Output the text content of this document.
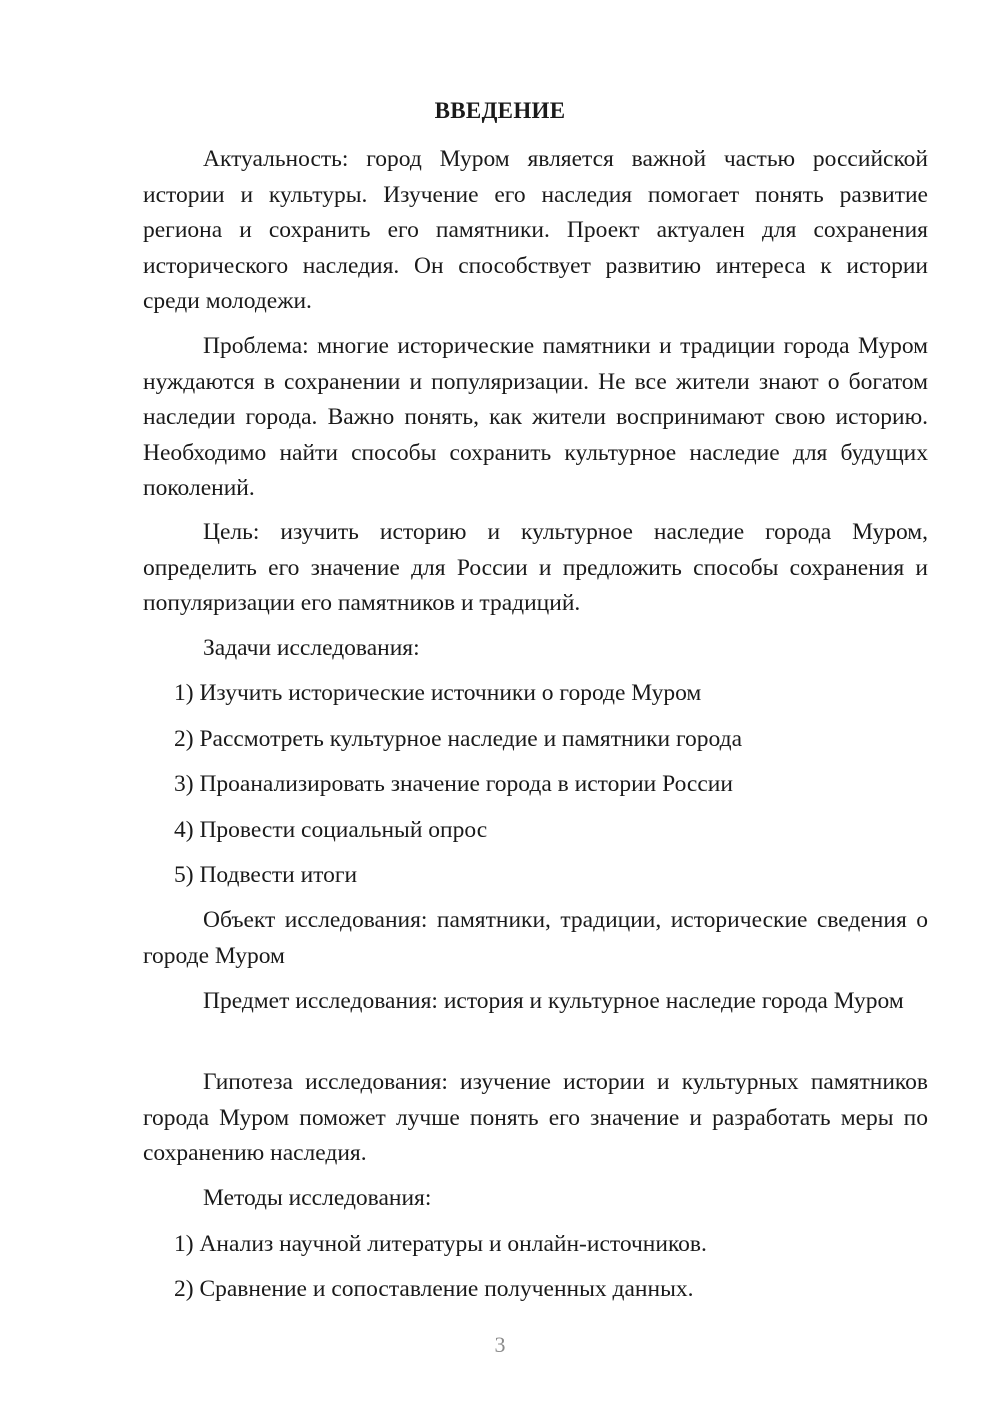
ВВЕДЕНИЕ

Актуальность: город Муром является важной частью российской истории и культуры. Изучение его наследия помогает понять развитие региона и сохранить его памятники. Проект актуален для сохранения исторического наследия. Он способствует развитию интереса к истории среди молодежи.

Проблема: многие исторические памятники и традиции города Муром нуждаются в сохранении и популяризации. Не все жители знают о богатом наследии города. Важно понять, как жители воспринимают свою историю. Необходимо найти способы сохранить культурное наследие для будущих поколений.

Цель: изучить историю и культурное наследие города Муром, определить его значение для России и предложить способы сохранения и популяризации его памятников и традиций.

Задачи исследования:
1) Изучить исторические источники о городе Муром
2) Рассмотреть культурное наследие и памятники города
3) Проанализировать значение города в истории России
4) Провести социальный опрос
5) Подвести итоги

Объект исследования: памятники, традиции, исторические сведения о городе Муром

Предмет исследования: история и культурное наследие города Муром

Гипотеза исследования: изучение истории и культурных памятников города Муром поможет лучше понять его значение и разработать меры по сохранению наследия.

Методы исследования:
1) Анализ научной литературы и онлайн-источников.
2) Сравнение и сопоставление полученных данных.
3
